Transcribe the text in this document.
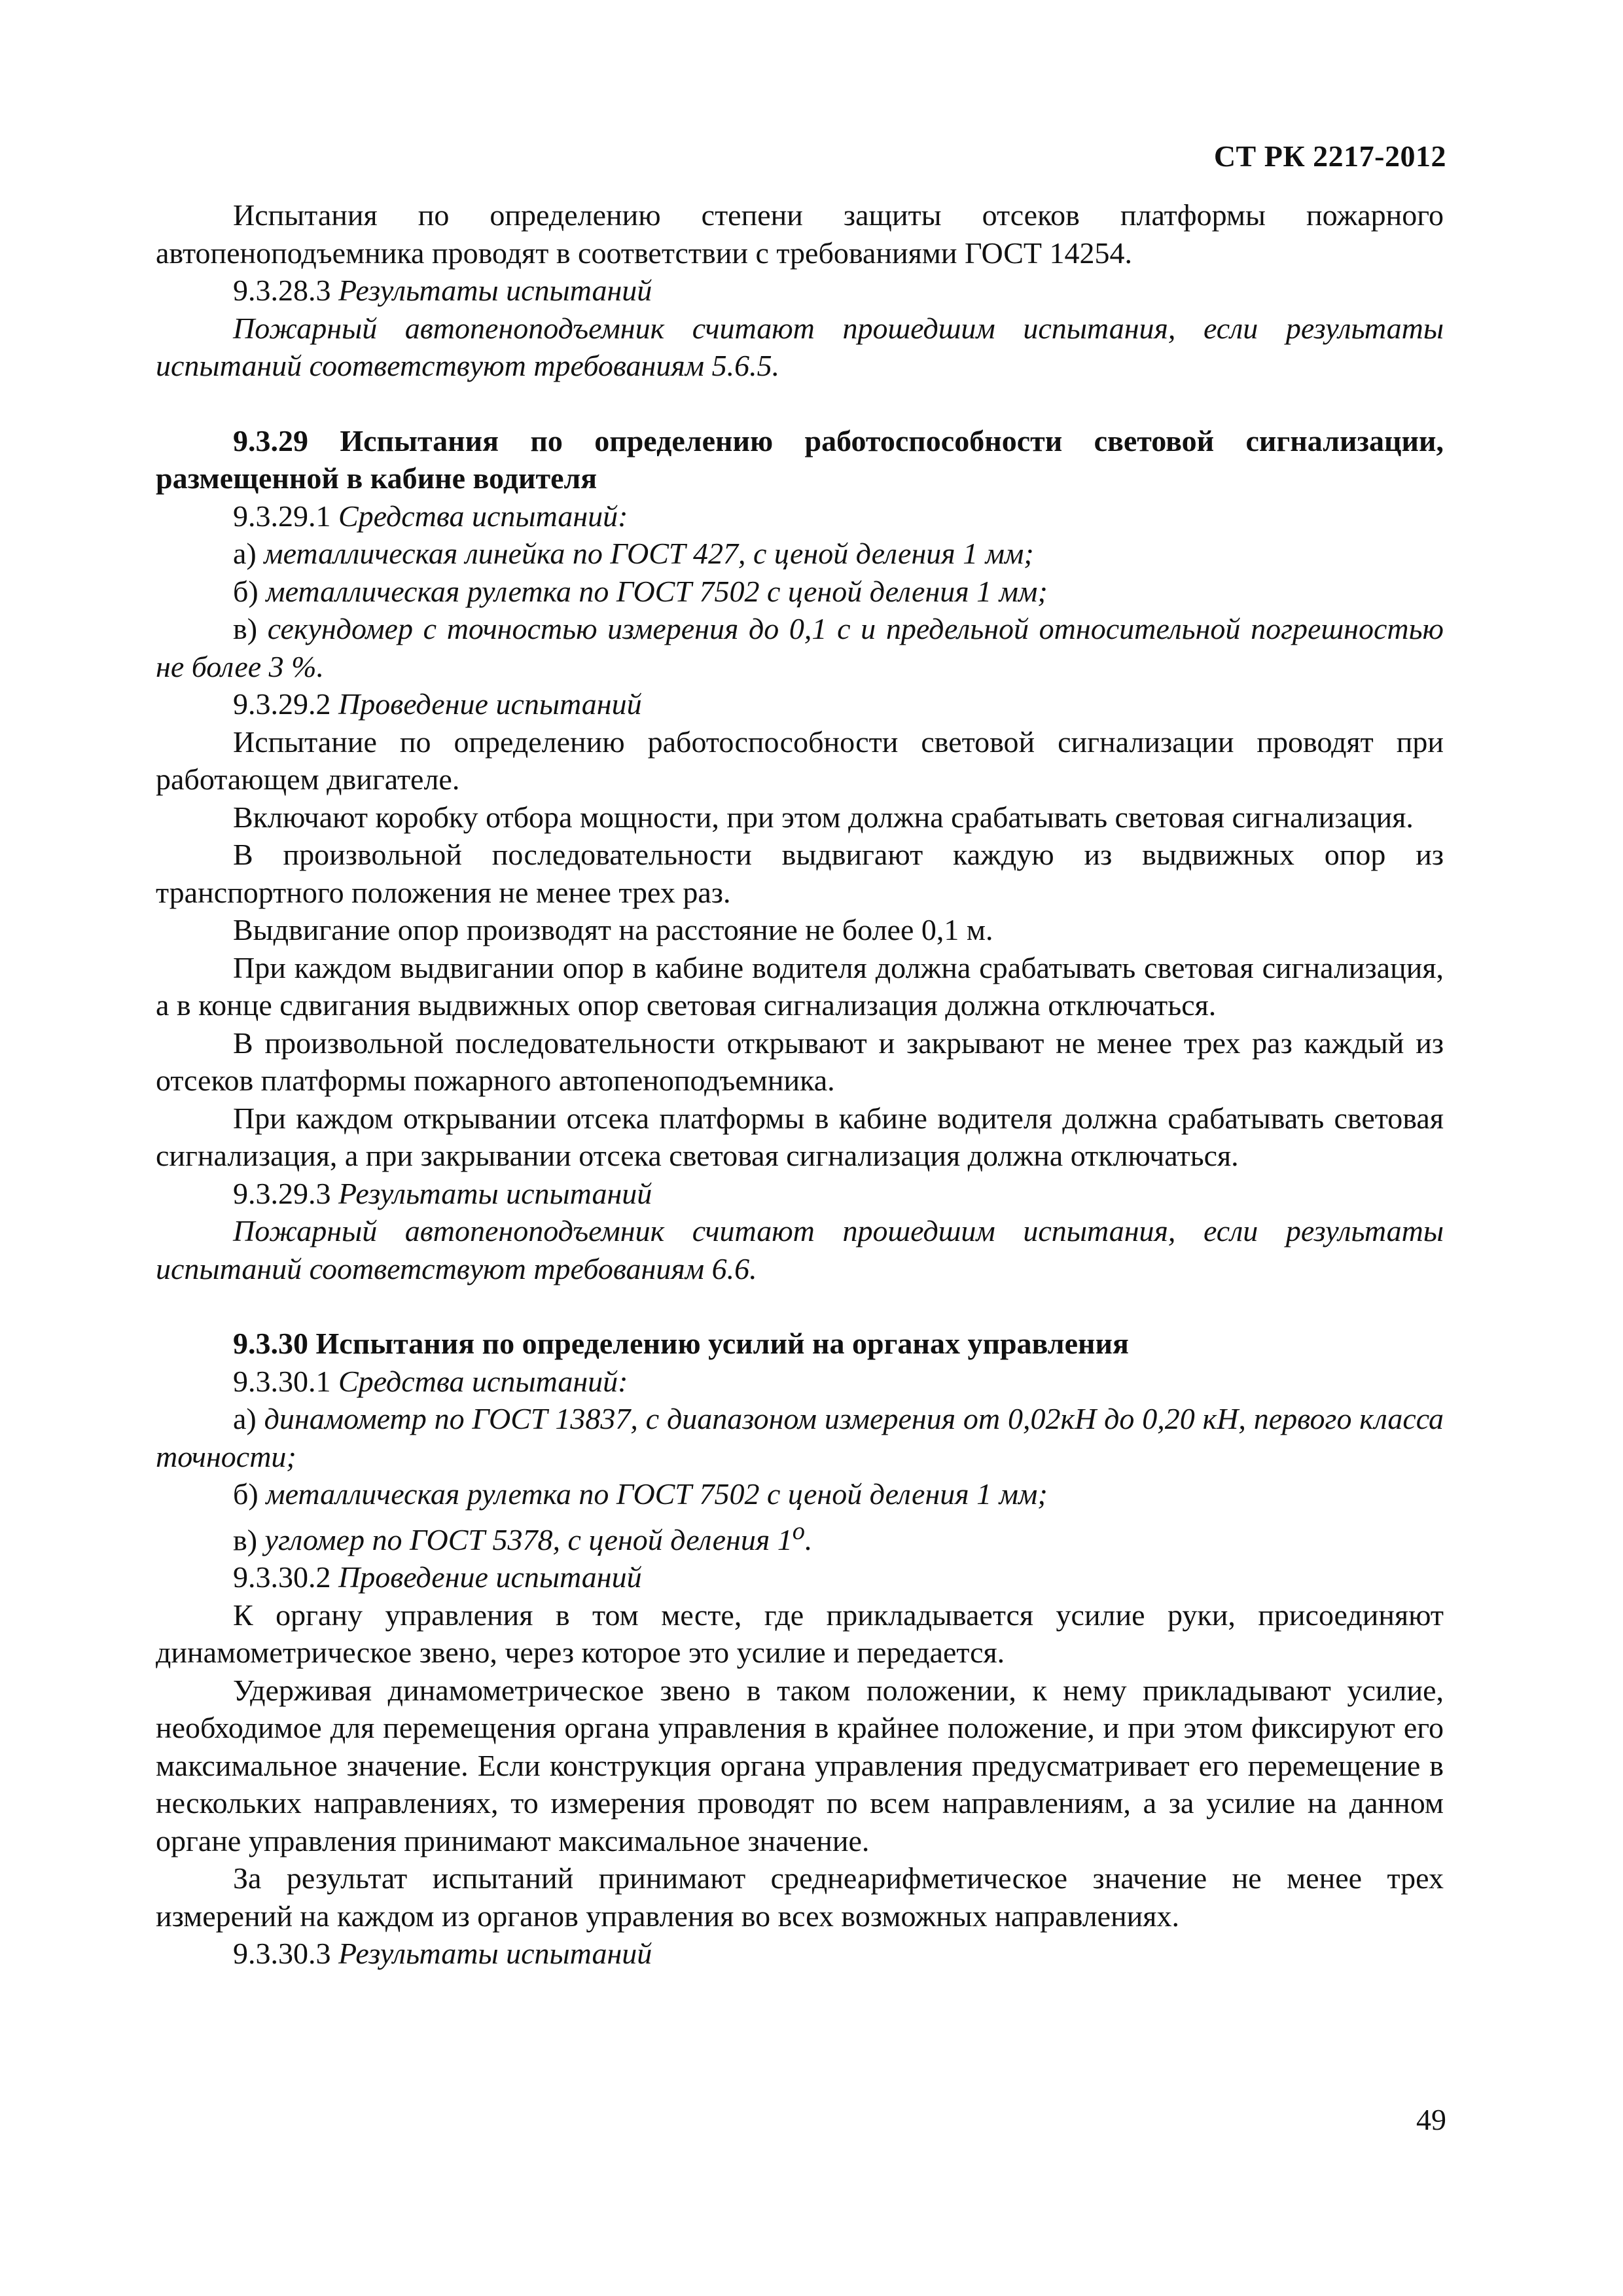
СТ РК 2217-2012

Испытания по определению степени защиты отсеков платформы пожарного автопеноподъемника проводят в соответствии с требованиями ГОСТ 14254.

9.3.28.3 Результаты испытаний

Пожарный автопеноподъемник считают прошедшим испытания, если результаты испытаний соответствуют требованиям 5.6.5.

9.3.29 Испытания по определению работоспособности световой сигнализации, размещенной в кабине водителя

9.3.29.1 Средства испытаний:

а) металлическая линейка по ГОСТ 427, с ценой деления 1 мм;

б) металлическая рулетка по ГОСТ 7502 с ценой деления 1 мм;

в) секундомер с точностью измерения до 0,1 с и предельной относительной погрешностью не более 3 %.

9.3.29.2 Проведение испытаний

Испытание по определению работоспособности световой сигнализации проводят при работающем двигателе.

Включают коробку отбора мощности, при этом должна срабатывать световая сигнализация.

В произвольной последовательности выдвигают каждую из выдвижных опор из транспортного положения не менее трех раз.

Выдвигание опор производят на расстояние не более 0,1 м.

При каждом выдвигании опор в кабине водителя должна срабатывать световая сигнализация, а в конце сдвигания выдвижных опор световая сигнализация должна отключаться.

В произвольной последовательности открывают и закрывают не менее трех раз каждый из отсеков платформы пожарного автопеноподъемника.

При каждом открывании отсека платформы в кабине водителя должна срабатывать световая сигнализация, а при закрывании отсека световая сигнализация должна отключаться.

9.3.29.3 Результаты испытаний

Пожарный автопеноподъемник считают прошедшим испытания, если результаты испытаний соответствуют требованиям 6.6.

9.3.30 Испытания по определению усилий на органах управления

9.3.30.1 Средства испытаний:

а) динамометр по ГОСТ 13837, с диапазоном измерения от 0,02кН до 0,20 кН, первого класса точности;

б) металлическая рулетка по ГОСТ 7502 с ценой деления 1 мм;

в) угломер по ГОСТ 5378, с ценой деления $1^о$.

9.3.30.2 Проведение испытаний

К органу управления в том месте, где прикладывается усилие руки, присоединяют динамометрическое звено, через которое это усилие и передается.

Удерживая динамометрическое звено в таком положении, к нему прикладывают усилие, необходимое для перемещения органа управления в крайнее положение, и при этом фиксируют его максимальное значение. Если конструкция органа управления предусматривает его перемещение в нескольких направлениях, то измерения проводят по всем направлениям, а за усилие на данном органе управления принимают максимальное значение.

За результат испытаний принимают среднеарифметическое значение не менее трех измерений на каждом из органов управления во всех возможных направлениях.

9.3.30.3 Результаты испытаний

49
